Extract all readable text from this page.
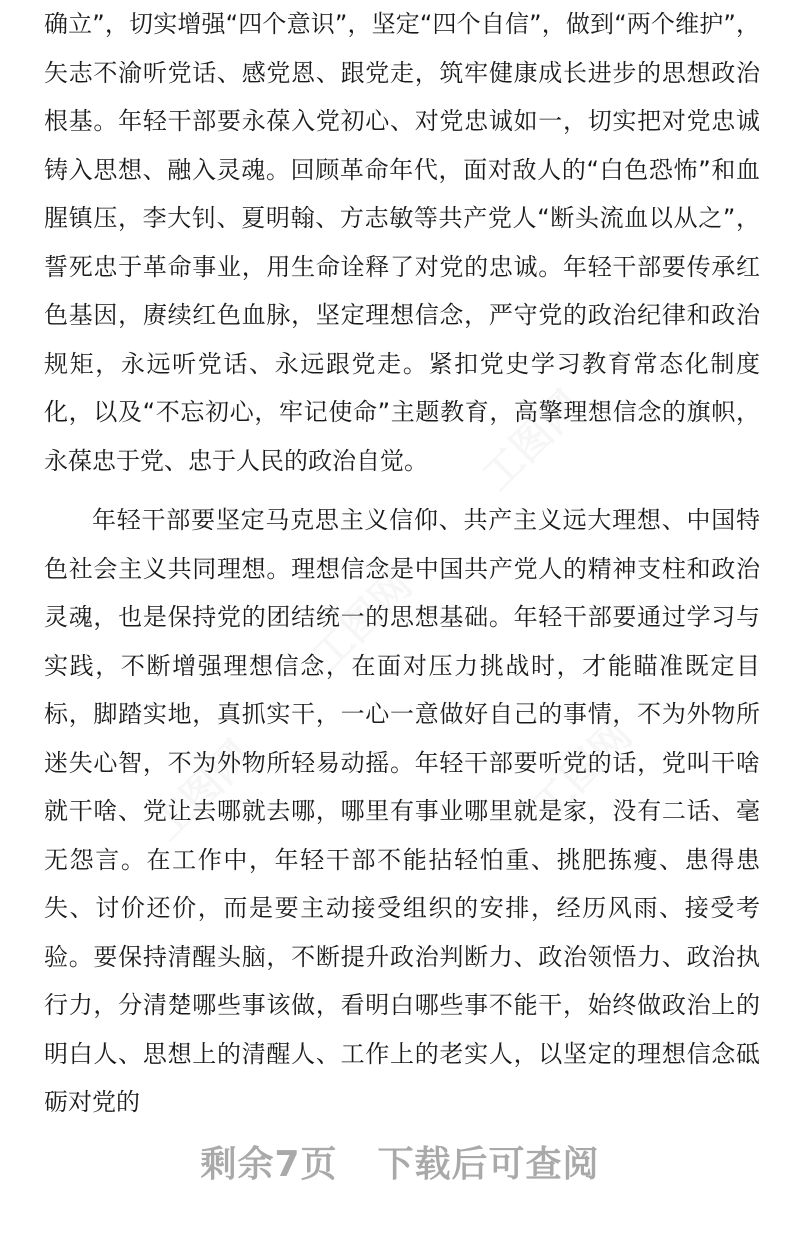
确立”，切实增强“四个意识”，坚定“四个自信”，做到“两个维护”，矢志不渝听党话、感党恩、跟党走，筑牢健康成长进步的思想政治根基。年轻干部要永葆入党初心、对党忠诚如一，切实把对党忠诚铸入思想、融入灵魂。回顾革命年代，面对敌人的“白色恐怖”和血腥镇压，李大钊、夏明翰、方志敏等共产党人“断头流血以从之”，誓死忠于革命事业，用生命诠释了对党的忠诚。年轻干部要传承红色基因，赓续红色血脉，坚定理想信念，严守党的政治纪律和政治规矩，永远听党话、永远跟党走。紧扣党史学习教育常态化制度化，以及“不忘初心，牢记使命”主题教育，高擎理想信念的旗帜，永葆忠于党、忠于人民的政治自觉。

年轻干部要坚定马克思主义信仰、共产主义远大理想、中国特色社会主义共同理想。理想信念是中国共产党人的精神支柱和政治灵魂，也是保持党的团结统一的思想基础。年轻干部要通过学习与实践，不断增强理想信念，在面对压力挑战时，才能瞄准既定目标，脚踏实地，真抓实干，一心一意做好自己的事情，不为外物所迷失心智，不为外物所轻易动摇。年轻干部要听党的话，党叫干啥就干啥、党让去哪就去哪，哪里有事业哪里就是家，没有二话、毫无怨言。在工作中，年轻干部不能拈轻怕重、挑肥拣瘦、患得患失、讨价还价，而是要主动接受组织的安排，经历风雨、接受考验。要保持清醒头脑，不断提升政治判断力、政治领悟力、政治执行力，分清楚哪些事该做，看明白哪些事不能干，始终做政治上的明白人、思想上的清醒人、工作上的老实人，以坚定的理想信念砥砺对党的

剩余7页 下载后可查阅
